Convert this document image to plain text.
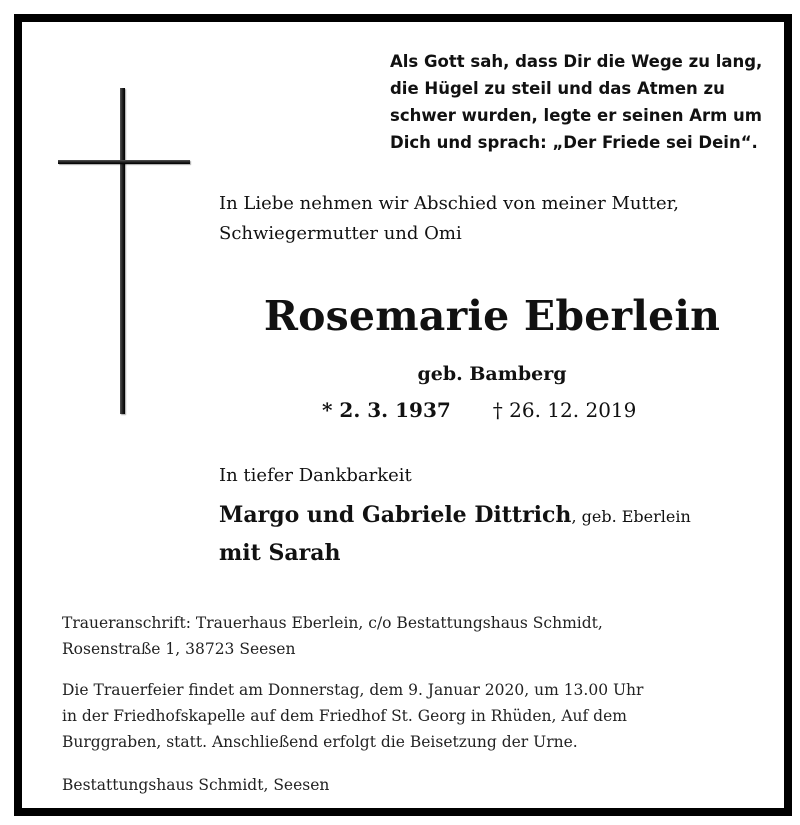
Als Gott sah, dass Dir die Wege zu lang,
die Hügel zu steil und das Atmen zu
schwer wurden, legte er seinen Arm um
Dich und sprach: „Der Friede sei Dein“.
In Liebe nehmen wir Abschied von meiner Mutter,
Schwiegermutter und Omi
Rosemarie Eberlein
geb. Bamberg
* 2. 3. 1937 † 26. 12. 2019
In tiefer Dankbarkeit
Margo und Gabriele Dittrich, geb. Eberlein
mit Sarah
Traueranschrift: Trauerhaus Eberlein, c/o Bestattungshaus Schmidt,
Rosenstraße 1, 38723 Seesen
Die Trauerfeier findet am Donnerstag, dem 9. Januar 2020, um 13.00 Uhr
in der Friedhofskapelle auf dem Friedhof St. Georg in Rhüden, Auf dem
Burggraben, statt. Anschließend erfolgt die Beisetzung der Urne.
Bestattungshaus Schmidt, Seesen
